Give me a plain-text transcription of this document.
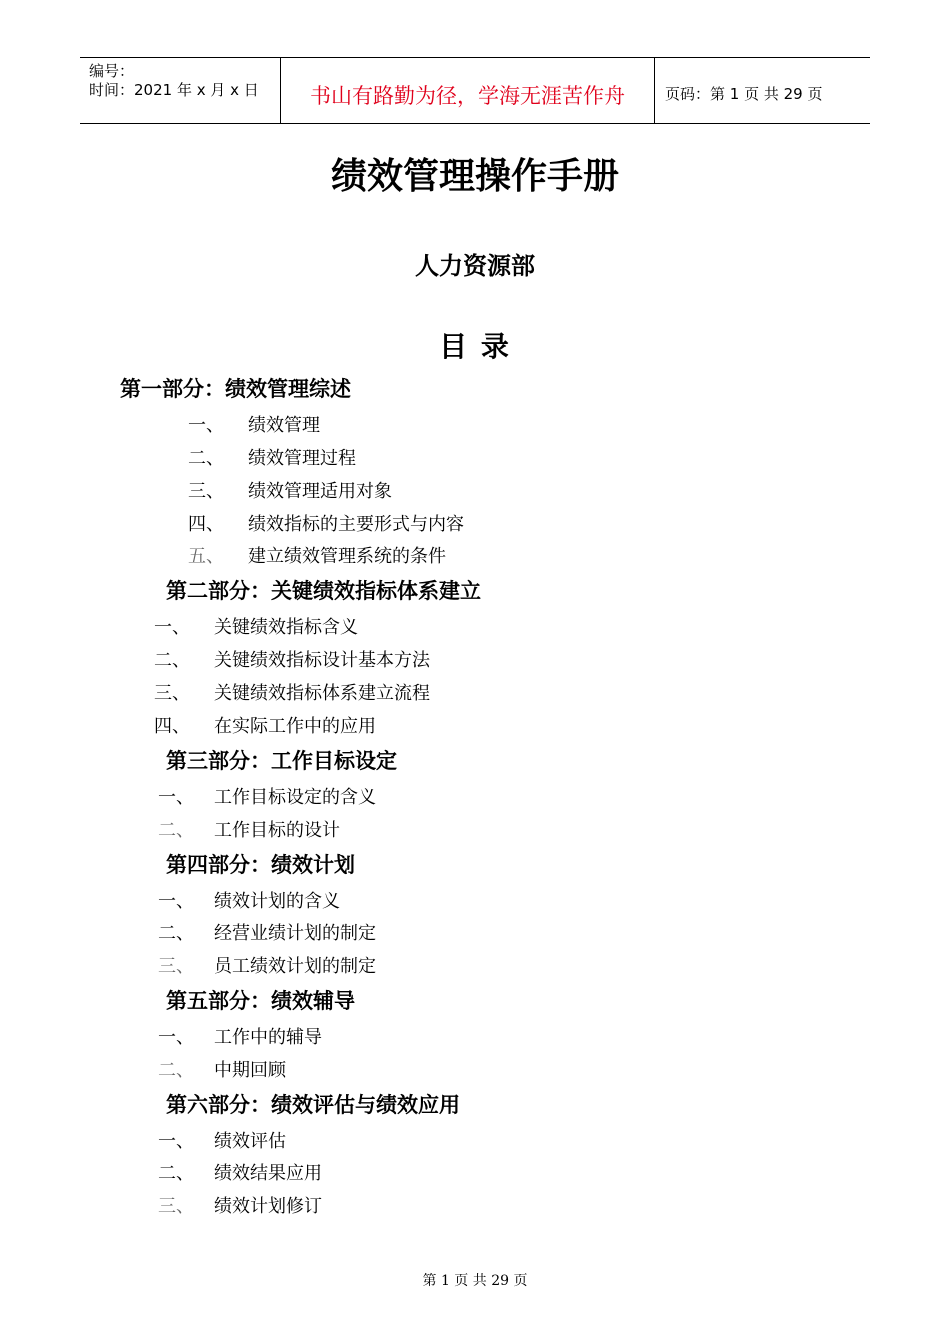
编号：
时间：2021 年 x 月 x 日	书山有路勤为径，学海无涯苦作舟	页码：第 1 页 共 29 页
绩效管理操作手册
人力资源部
目 录
第一部分：绩效管理综述
一、 绩效管理
二、 绩效管理过程
三、 绩效管理适用对象
四、 绩效指标的主要形式与内容
五、 建立绩效管理系统的条件
第二部分：关键绩效指标体系建立
一、 关键绩效指标含义
二、 关键绩效指标设计基本方法
三、 关键绩效指标体系建立流程
四、 在实际工作中的应用
第三部分：工作目标设定
一、 工作目标设定的含义
二、 工作目标的设计
第四部分：绩效计划
一、 绩效计划的含义
二、 经营业绩计划的制定
三、 员工绩效计划的制定
第五部分：绩效辅导
一、 工作中的辅导
二、 中期回顾
第六部分：绩效评估与绩效应用
一、 绩效评估
二、 绩效结果应用
三、 绩效计划修订
第 1 页 共 29 页
